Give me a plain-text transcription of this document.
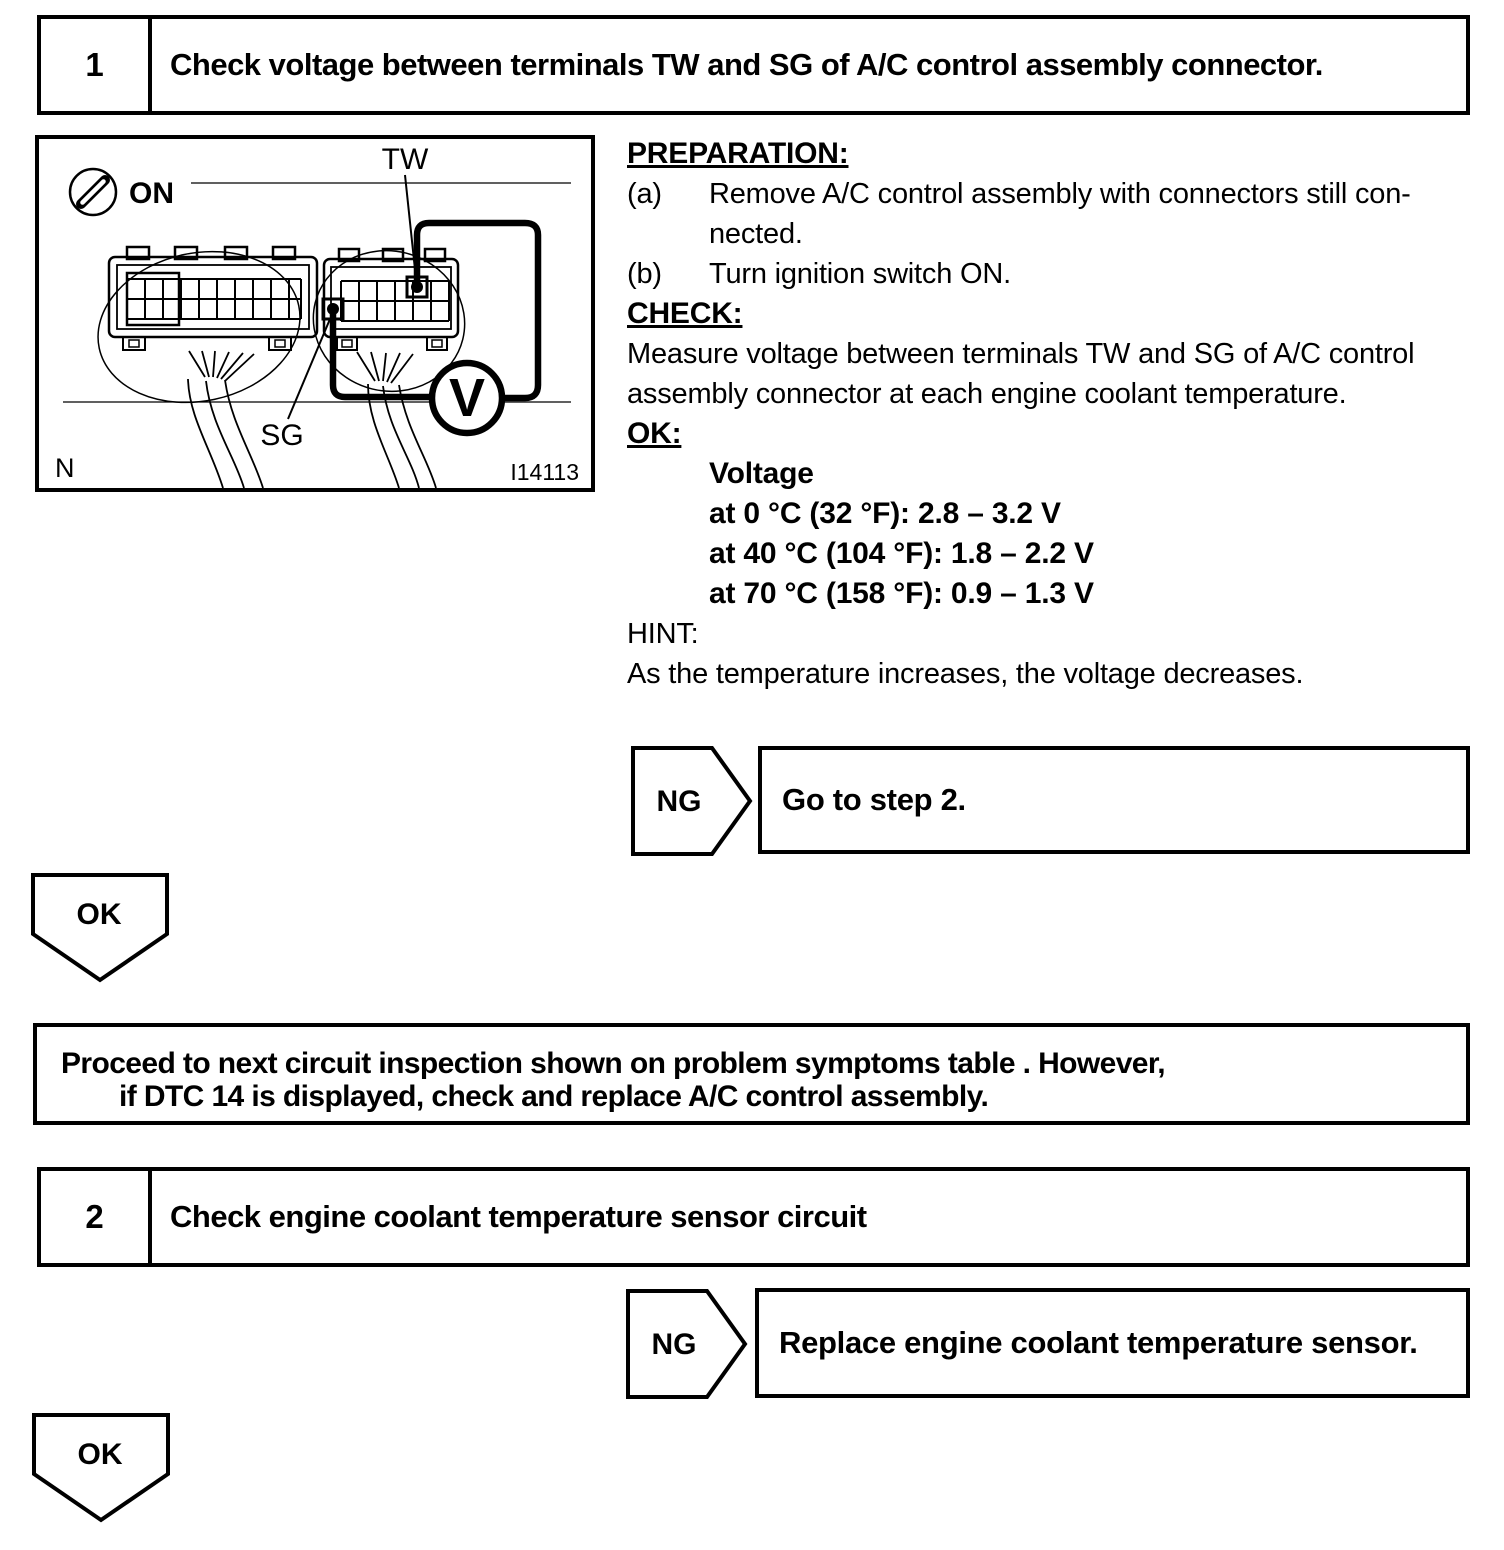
1	Check voltage between terminals TW and SG of A/C control assembly connector.
ON
TW
SG
V
N	I14113
PREPARATION:
(a)	Remove A/C control assembly with connectors still con-
nected.
(b)	Turn ignition switch ON.
CHECK:
Measure voltage between terminals TW and SG of A/C control
assembly connector at each engine coolant temperature.
OK:
Voltage
at 0 °C (32 °F): 2.8 – 3.2 V
at 40 °C (104 °F): 1.8 – 2.2 V
at 70 °C (158 °F): 0.9 – 1.3 V
HINT:
As the temperature increases, the voltage decreases.
NG	Go to step 2.
OK
Proceed to next circuit inspection shown on problem symptoms table . However,
if DTC 14 is displayed, check and replace A/C control assembly.
2	Check engine coolant temperature sensor circuit
NG	Replace engine coolant temperature sensor.
OK
